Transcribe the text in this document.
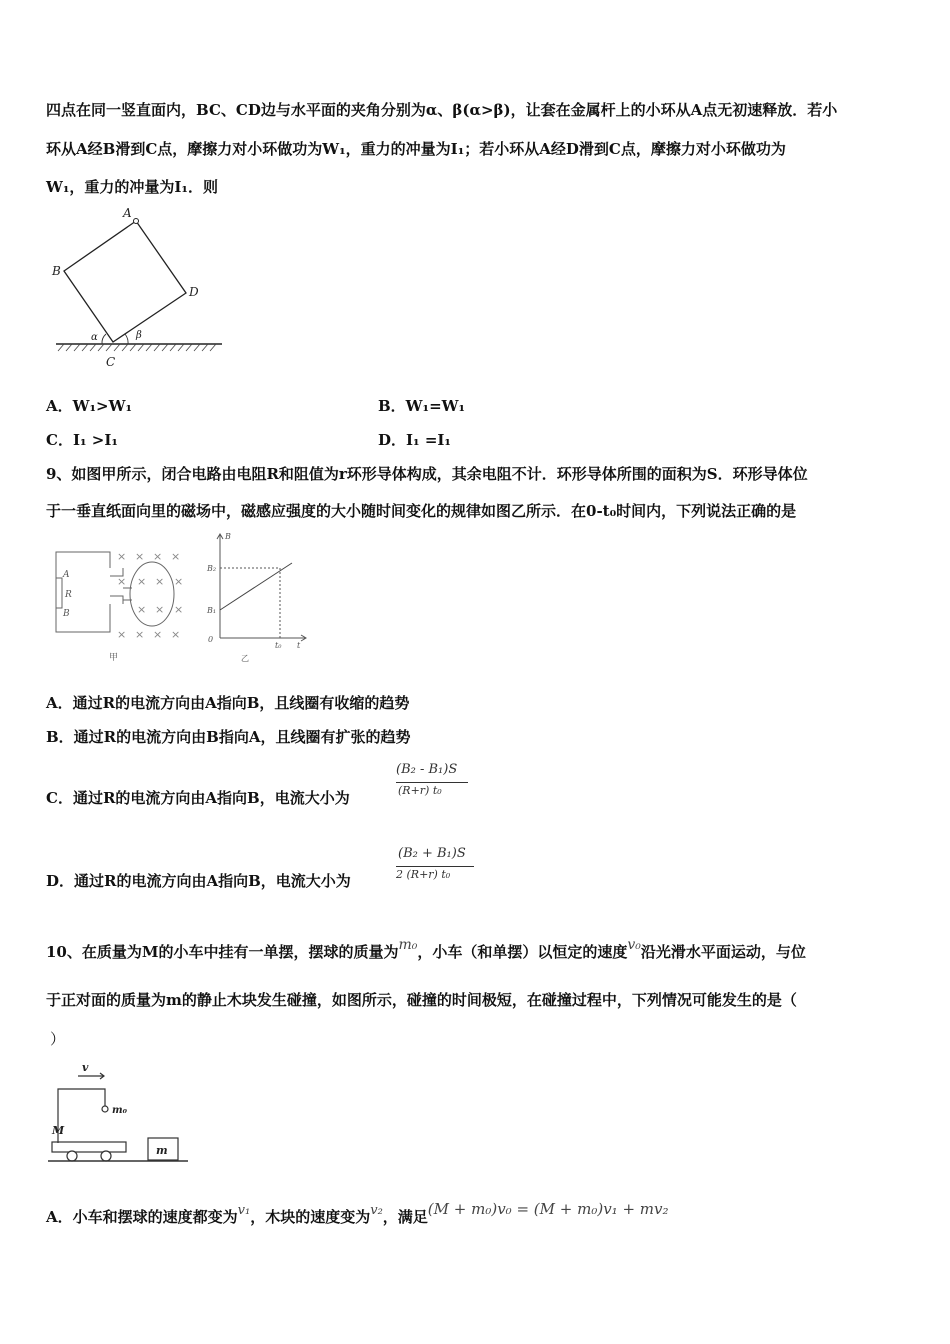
四点在同一竖直面内，BC、CD边与水平面的夹角分别为α、β(α>β)，让套在金属杆上的小环从A点无初速释放．若小
环从A经B滑到C点，摩擦力对小环做功为W₁，重力的冲量为I₁；若小环从A经D滑到C点，摩擦力对小环做功为
W₁，重力的冲量为I₁．则
A
B
D
C
α	β
A．W₁>W₁	B．W₁=W₁
C．I₁ >I₁	D．I₁ =I₁
9、如图甲所示，闭合电路由电阻R和阻值为r环形导体构成，其余电阻不计．环形导体所围的面积为S．环形导体位
于一垂直纸面向里的磁场中，磁感应强度的大小随时间变化的规律如图乙所示．在0-t₀时间内，下列说法正确的是
× × × ×
× × × ×
× × ×
× × × ×
A
R
B
甲
B
B₂
B₁
0
t₀ t
乙
A．通过R的电流方向由A指向B，且线圈有收缩的趋势
B．通过R的电流方向由B指向A，且线圈有扩张的趋势
C．通过R的电流方向由A指向B，电流大小为
(B₂ - B₁)S
(R+r) t₀
D．通过R的电流方向由A指向B，电流大小为
(B₂ + B₁)S
2 (R+r) t₀
10、在质量为M的小车中挂有一单摆，摆球的质量为m₀，小车（和单摆）以恒定的速度v₀沿光滑水平面运动，与位
于正对面的质量为m的静止木块发生碰撞，如图所示，碰撞的时间极短，在碰撞过程中，下列情况可能发生的是（
）
v
m₀
M
m
A．小车和摆球的速度都变为v₁，木块的速度变为v₂，满足(M + m₀)v₀ = (M + m₀)v₁ + mv₂
